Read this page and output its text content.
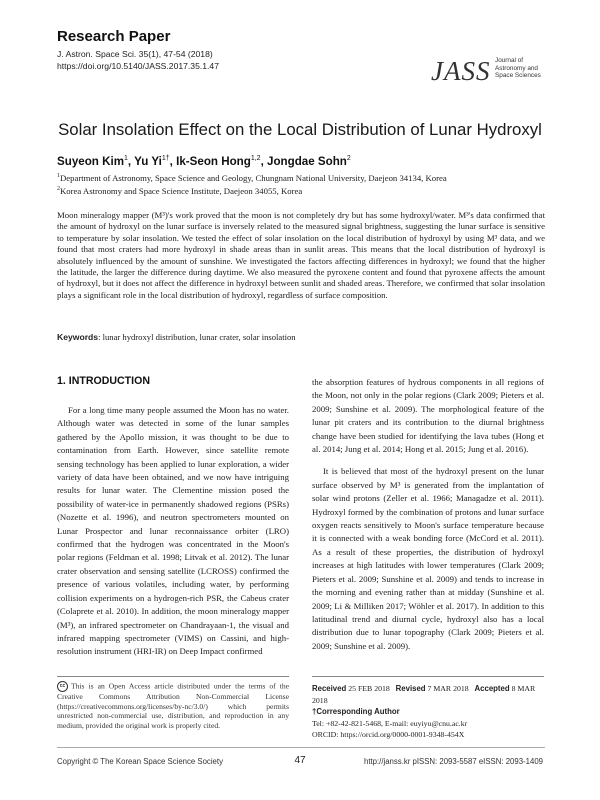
Research Paper
J. Astron. Space Sci. 35(1), 47-54 (2018)
https://doi.org/10.5140/JASS.2017.35.1.47	JASS Journal of
Astronomy and
Space Sciences
Solar Insolation Effect on the Local Distribution of Lunar Hydroxyl
Suyeon Kim$^1$, Yu $Yi^{1\dagger}$, Ik-Seon Hong$^{1,2}$, Jongdae Sohn$^2$
$^1$Department of Astronomy, Space Science and Geology, Chungnam National University, Daejeon 34134, Korea
$^2$Korea Astronomy and Space Science Institute, Daejeon 34055, Korea
Moon mineralogy mapper (M³)'s work proved that the moon is not completely dry but has some hydroxyl/water. M³'s data confirmed that the amount of hydroxyl on the lunar surface is inversely related to the measured signal brightness, suggesting the lunar surface is sensitive to temperature by solar insolation. We tested the effect of solar insolation on the local distribution of hydroxyl by using M³ data, and we found that most craters had more hydroxyl in shade areas than in sunlit areas. This means that the local distribution of hydroxyl is absolutely influenced by the amount of sunshine. We investigated the factors affecting differences in hydroxyl; we found that the higher the latitude, the larger the difference during daytime. We also measured the pyroxene content and found that pyroxene affects the amount of hydroxyl, but it does not affect the difference in hydroxyl between sunlit and shaded areas. Therefore, we confirmed that solar insolation plays a significant role in the local distribution of hydroxyl, regardless of surface composition.
Keywords: lunar hydroxyl distribution, lunar crater, solar insolation
1. INTRODUCTION

For a long time many people assumed the Moon has no water. Although water was detected in some of the lunar samples gathered by the Apollo mission, it was thought to be due to contamination from Earth. However, since satellite remote sensing technology has been applied to lunar exploration, a wider variety of data have been obtained, and we now have intriguing results for lunar water. The Clementine mission posed the possibility of water-ice in permanently shadowed regions (PSRs) (Nozette et al. 1996), and neutron spectrometers mounted on Lunar Prospector and lunar reconnaissance orbiter (LRO) confirmed that the hydrogen was concentrated in the Moon's polar regions (Feldman et al. 1998; Litvak et al. 2012). The lunar crater observation and sensing satellite (LCROSS) confirmed the presence of various volatiles, including water, by performing collision experiments on a hydrogen-rich PSR, the Cabeus crater (Colaprete et al. 2010). In addition, the moon mineralogy mapper (M³), an infrared spectrometer on Chandrayaan-1, the visual and infrared mapping spectrometer (VIMS) on Cassini, and high-resolution instrument (HRI-IR) on Deep Impact confirmed

the absorption features of hydrous components in all regions of the Moon, not only in the polar regions (Clark 2009; Pieters et al. 2009; Sunshine et al. 2009). The morphological feature of the lunar pit craters and its contribution to the diurnal brightness change have been studied for identifying the lava tubes (Hong et al. 2014; Jung et al. 2014; Hong et al. 2015; Jung et al. 2016).

It is believed that most of the hydroxyl present on the lunar surface observed by M³ is generated from the implantation of solar wind protons (Zeller et al. 1966; Managadze et al. 2011). Hydroxyl formed by the combination of protons and lunar surface oxygen reacts sensitively to Moon's surface temperature because it is connected with a weak bonding force (McCord et al. 2011). As a result of these properties, the distribution of hydroxyl increases at high latitudes with lower temperatures (Clark 2009; Pieters et al. 2009; Sunshine et al. 2009) and tends to increase in the morning and evening rather than at midday (Sunshine et al. 2009; Li & Milliken 2017; Wöhler et al. 2017). In addition to this latitudinal trend and diurnal cycle, hydroxyl also has a local distribution due to lunar topography (Clark 2009; Pieters et al. 2009; Sunshine et al. 2009).

cc This is an Open Access article distributed under the terms of the Creative Commons Attribution Non-Commercial License (https://creativecommons.org/licenses/by-nc/3.0/) which permits unrestricted non-commercial use, distribution, and reproduction in any medium, provided the original work is properly cited.
Received 25 FEB 2018 Revised 7 MAR 2018 Accepted 8 MAR 2018
†Corresponding Author
Tel: +82-42-821-5468, E-mail: euyiyu@cnu.ac.kr
ORCID: https://orcid.org/0000-0001-9348-454X
Copyright © The Korean Space Science Society	47	http://janss.kr pISSN: 2093-5587 eISSN: 2093-1409
